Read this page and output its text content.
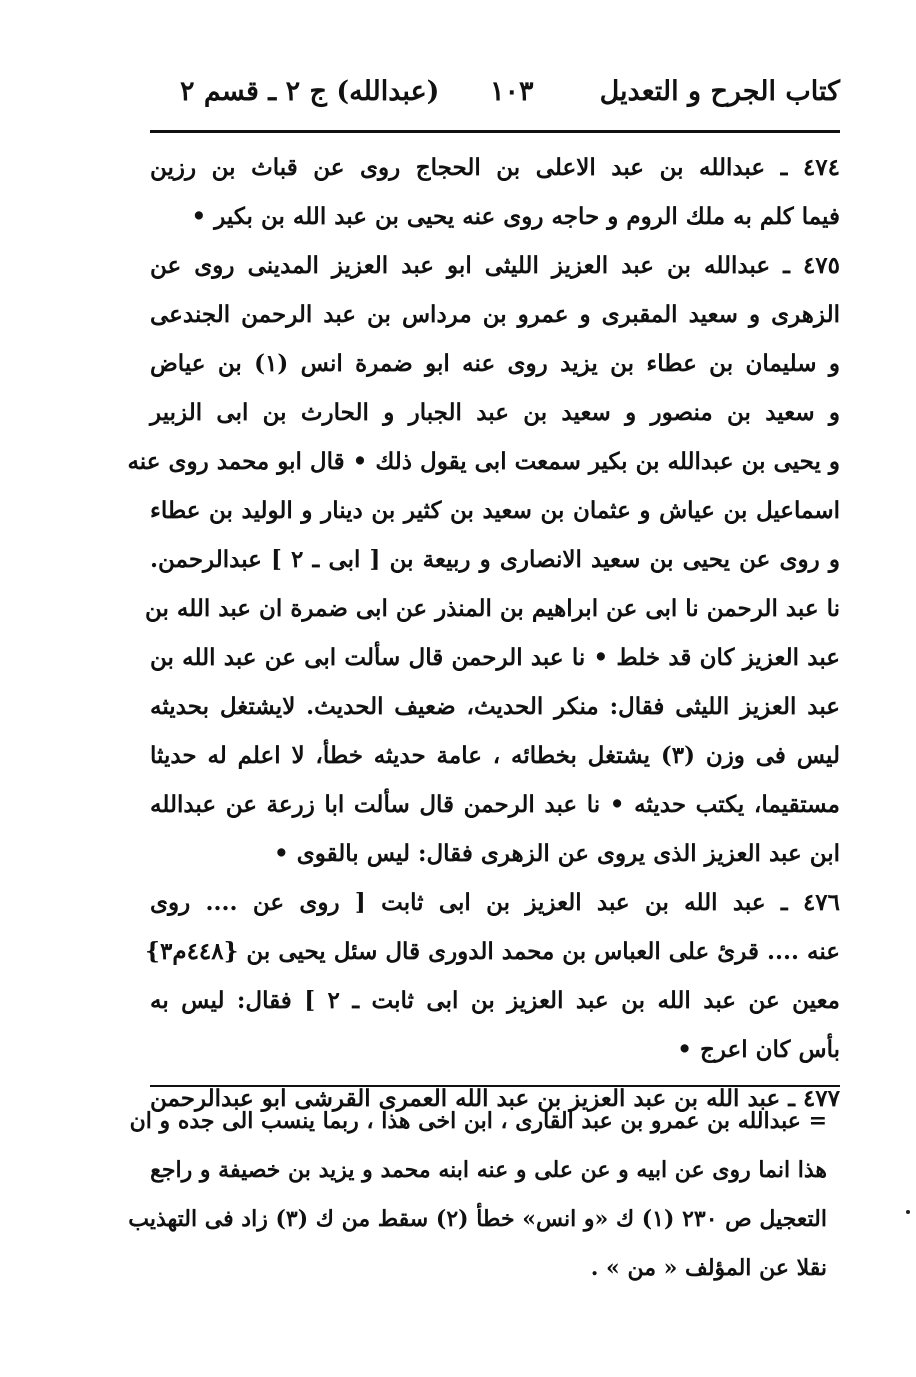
كتاب الجرح و التعديل
١٠٣
(عبدالله) ج ٢ ـ قسم ٢
٤٧٤ ـ عبدالله بن عبد الاعلى بن الحجاج روى عن قباث بن رزين
فيما كلم به ملك الروم و حاجه روى عنه يحيى بن عبد الله بن بكير •
٤٧٥ ـ عبدالله بن عبد العزيز الليثى ابو عبد العزيز المدينى روى عن
الزهرى و سعيد المقبرى و عمرو بن مرداس بن عبد الرحمن الجندعى
و سليمان بن عطاء بن يزيد روى عنه ابو ضمرة انس (١) بن عياض
و سعيد بن منصور و سعيد بن عبد الجبار و الحارث بن ابى الزبير
و يحيى بن عبدالله بن بكير سمعت ابى يقول ذلك • قال ابو محمد روى عنه
اسماعيل بن عياش و عثمان بن سعيد بن كثير بن دينار و الوليد بن عطاء
و روى عن يحيى بن سعيد الانصارى و ربيعة بن [ ابى ـ ٢ ] عبدالرحمن.
نا عبد الرحمن نا ابى عن ابراهيم بن المنذر عن ابى ضمرة ان عبد الله بن
عبد العزيز كان قد خلط • نا عبد الرحمن قال سألت ابى عن عبد الله بن
عبد العزيز الليثى فقال: منكر الحديث، ضعيف الحديث. لايشتغل بحديثه
ليس فى وزن (٣) يشتغل بخطائه ، عامة حديثه خطأ، لا اعلم له حديثا
مستقيما، يكتب حديثه • نا عبد الرحمن قال سألت ابا زرعة عن عبدالله
ابن عبد العزيز الذى يروى عن الزهرى فقال: ليس بالقوى •
٤٧٦ ـ عبد الله بن عبد العزيز بن ابى ثابت [ روى عن .... روى
عنه .... قرئ على العباس بن محمد الدورى قال سئل يحيى بن {٤٤٨م٣}
معين عن عبد الله بن عبد العزيز بن ابى ثابت ـ ٢ ] فقال: ليس به
بأس كان اعرج •
٤٧٧ ـ عبد الله بن عبد العزيز بن عبد الله العمرى القرشى ابو عبدالرحمن
= عبدالله بن عمرو بن عبد القارى ، ابن اخى هذا ، ربما ينسب الى جده و ان
هذا انما روى عن ابيه و عن على و عنه ابنه محمد و يزيد بن خصيفة و راجع
التعجيل ص ٢٣٠ (١) ك «و انس» خطأ (٢) سقط من ك (٣) زاد فى التهذيب
نقلا عن المؤلف « من » .
